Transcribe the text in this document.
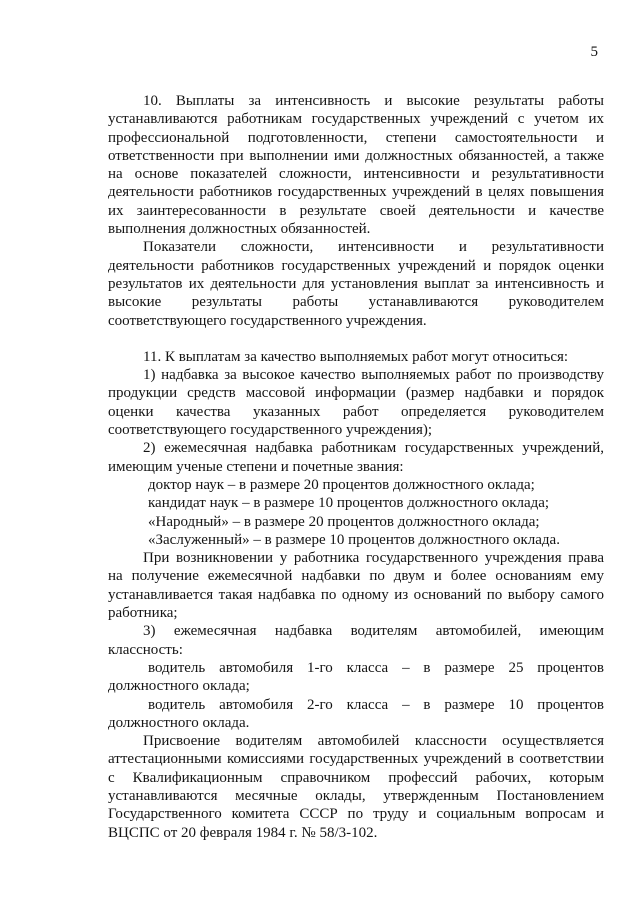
5

10. Выплаты за интенсивность и высокие результаты работы устанавливаются работникам государственных учреждений с учетом их профессиональной подготовленности, степени самостоятельности и ответственности при выполнении ими должностных обязанностей, а также на основе показателей сложности, интенсивности и результативности деятельности работников государственных учреждений в целях повышения их заинтересованности в результате своей деятельности и качестве выполнения должностных обязанностей.

Показатели сложности, интенсивности и результативности деятельности работников государственных учреждений и порядок оценки результатов их деятельности для установления выплат за интенсивность и высокие результаты работы устанавливаются руководителем соответствующего государственного учреждения.

11. К выплатам за качество выполняемых работ могут относиться:

1) надбавка за высокое качество выполняемых работ по производству продукции средств массовой информации (размер надбавки и порядок оценки качества указанных работ определяется руководителем соответствующего государственного учреждения);

2) ежемесячная надбавка работникам государственных учреждений, имеющим ученые степени и почетные звания:

доктор наук – в размере 20 процентов должностного оклада;

кандидат наук – в размере 10 процентов должностного оклада;

«Народный» – в размере 20 процентов должностного оклада;

«Заслуженный» – в размере 10 процентов должностного оклада.

При возникновении у работника государственного учреждения права на получение ежемесячной надбавки по двум и более основаниям ему устанавливается такая надбавка по одному из оснований по выбору самого работника;

3) ежемесячная надбавка водителям автомобилей, имеющим классность:

водитель автомобиля 1-го класса – в размере 25 процентов должностного оклада;

водитель автомобиля 2-го класса – в размере 10 процентов должностного оклада.

Присвоение водителям автомобилей классности осуществляется аттестационными комиссиями государственных учреждений в соответствии с Квалификационным справочником профессий рабочих, которым устанавливаются месячные оклады, утвержденным Постановлением Государственного комитета СССР по труду и социальным вопросам и ВЦСПС от 20 февраля 1984 г. № 58/3-102.
